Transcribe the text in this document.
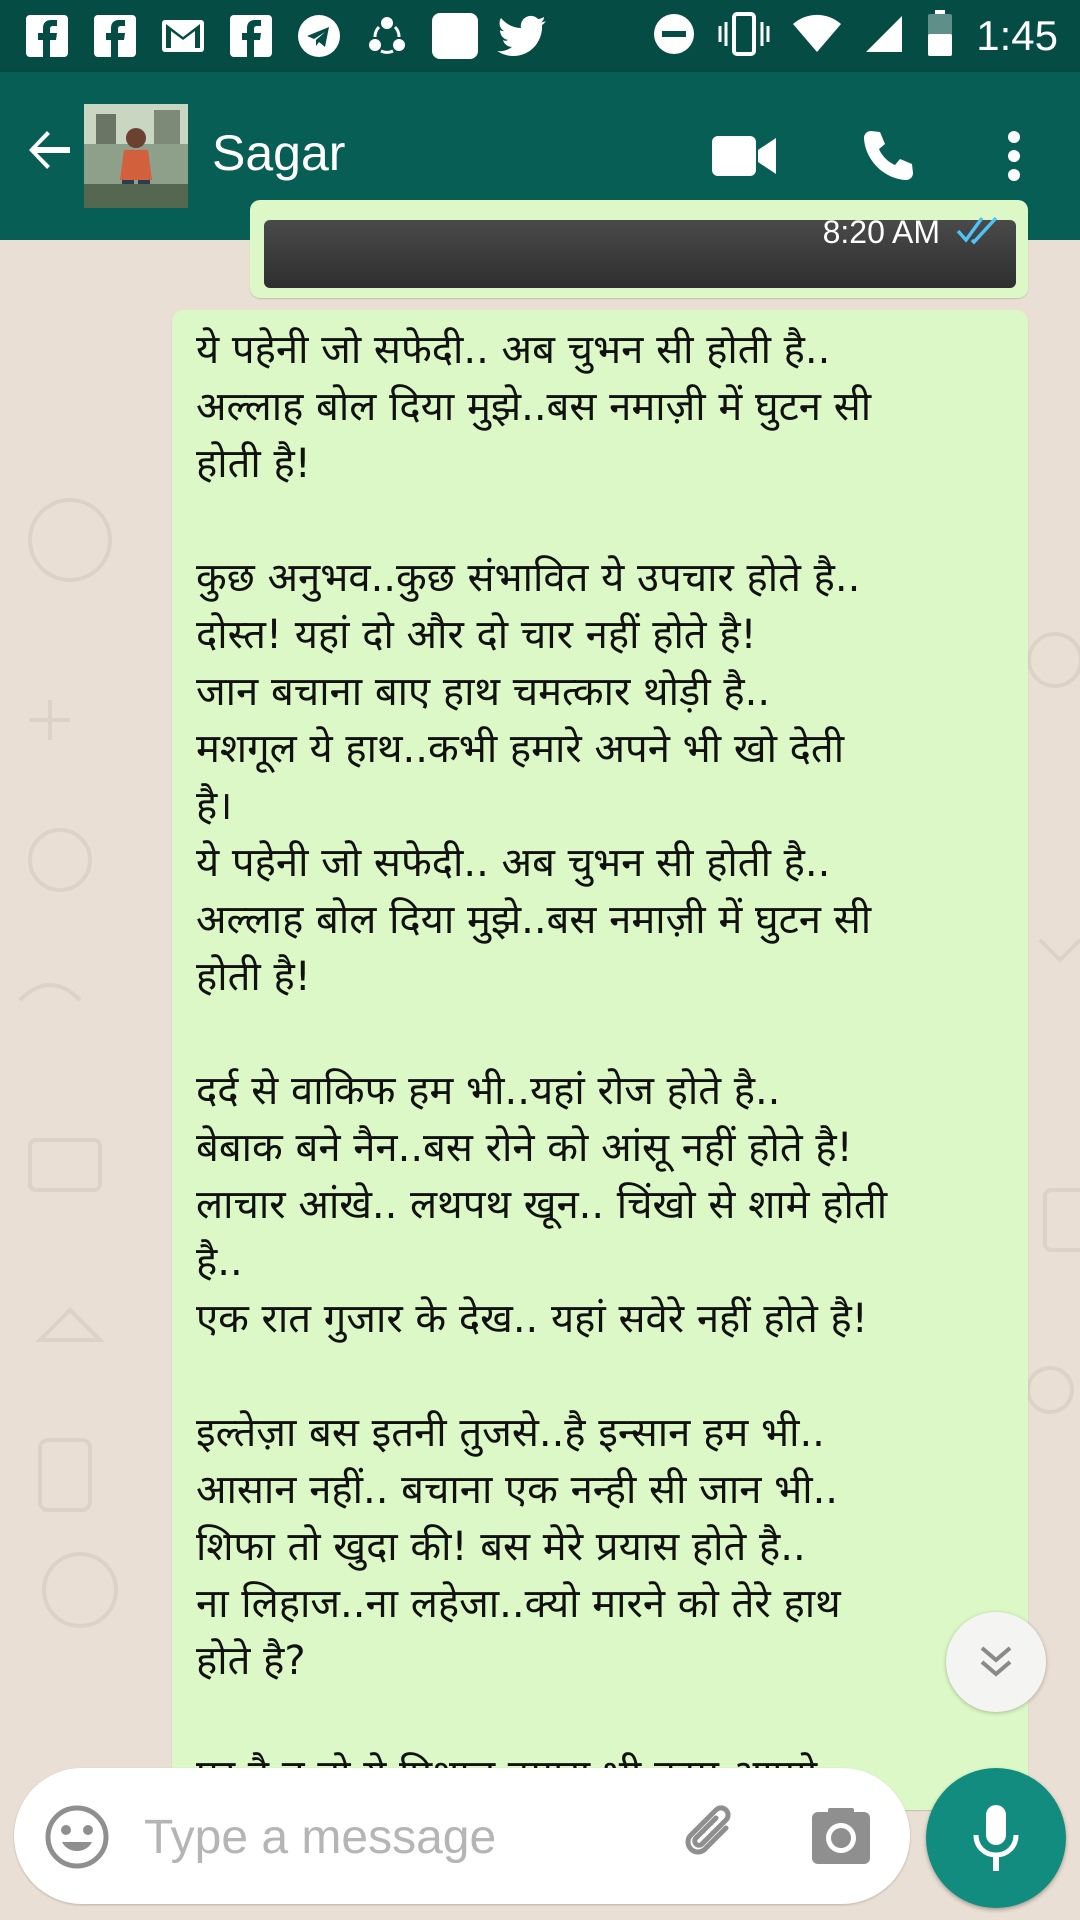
1:45
Sagar
8:20 AM
ये पहेनी जो सफेदी.. अब चुभन सी होती है..
अल्लाह बोल दिया मुझे..बस नमाज़ी में घुटन सी
होती है!
कुछ अनुभव..कुछ संभावित ये उपचार होते है..
दोस्त! यहां दो और दो चार नहीं होते है!
जान बचाना बाए हाथ चमत्कार थोड़ी है..
मशगूल ये हाथ..कभी हमारे अपने भी खो देती
है।
ये पहेनी जो सफेदी.. अब चुभन सी होती है..
अल्लाह बोल दिया मुझे..बस नमाज़ी में घुटन सी
होती है!
दर्द से वाकिफ हम भी..यहां रोज होते है..
बेबाक बने नैन..बस रोने को आंसू नहीं होते है!
लाचार आंखे.. लथपथ खून.. चिंखो से शामे होती
है..
एक रात गुजार के देख.. यहां सवेरे नहीं होते है!
इल्तेज़ा बस इतनी तुजसे..है इन्सान हम भी..
आसान नहीं.. बचाना एक नन्ही सी जान भी..
शिफा तो खुदा की! बस मेरे प्रयास होते है..
ना लिहाज..ना लहेजा..क्यो मारने को तेरे हाथ
होते है?
Type a message
